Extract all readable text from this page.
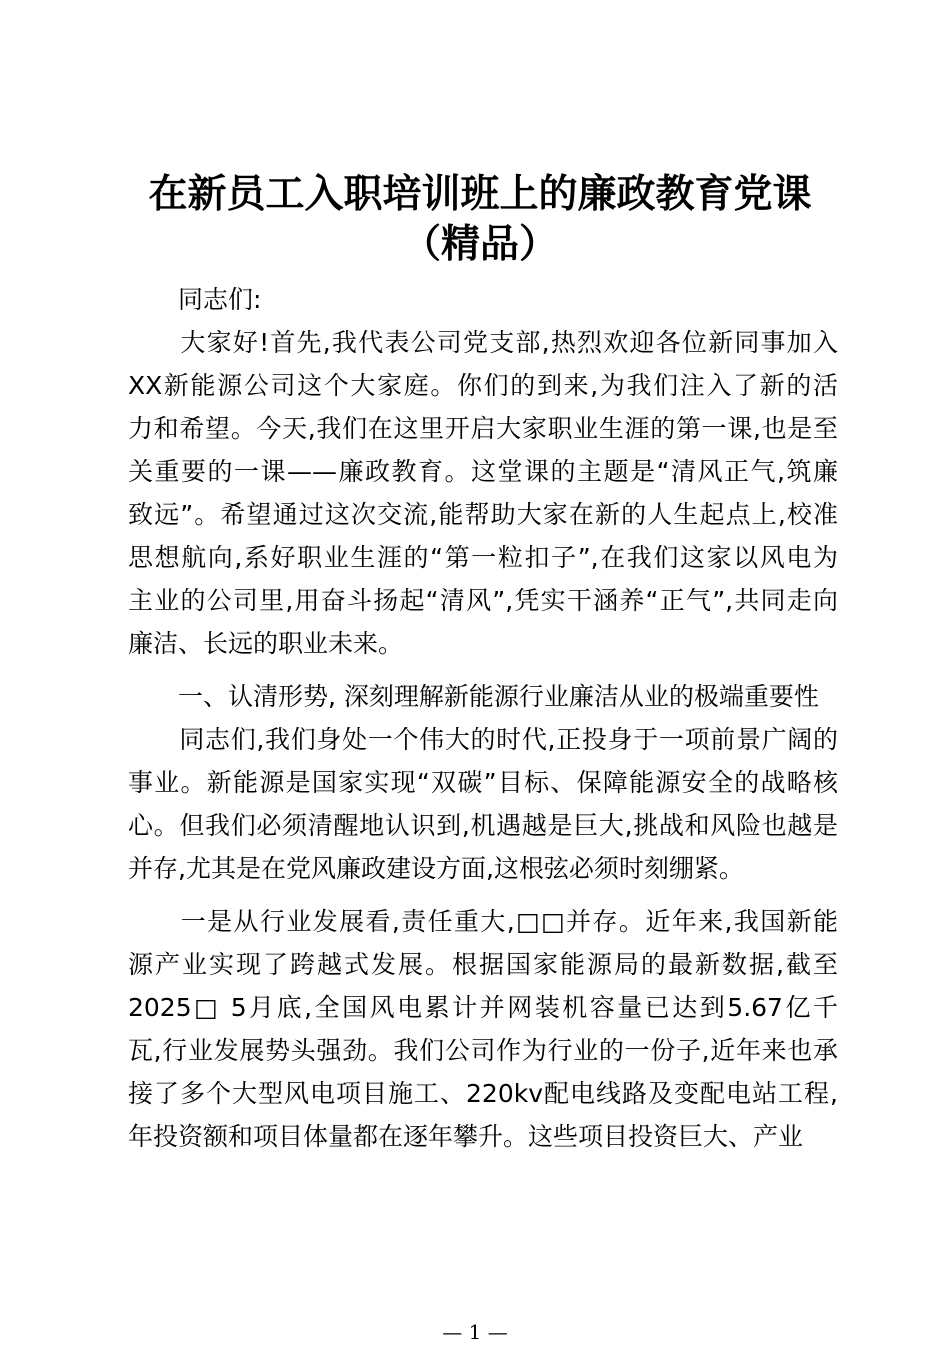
在新员工入职培训班上的廉政教育党课
（精品）
　　同志们:
　　大家好!首先,我代表公司党支部,热烈欢迎各位新同事加入
XX新能源公司这个大家庭。你们的到来,为我们注入了新的活
力和希望。今天,我们在这里开启大家职业生涯的第一课,也是至
关重要的一课——廉政教育。这堂课的主题是“清风正气,筑廉
致远”。希望通过这次交流,能帮助大家在新的人生起点上,校准
思想航向,系好职业生涯的“第一粒扣子”,在我们这家以风电为
主业的公司里,用奋斗扬起“清风”,凭实干涵养“正气”,共同走向
廉洁、长远的职业未来。
　　一、认清形势, 深刻理解新能源行业廉洁从业的极端重要性
　　同志们,我们身处一个伟大的时代,正投身于一项前景广阔的
事业。新能源是国家实现“双碳”目标、保障能源安全的战略核
心。但我们必须清醒地认识到,机遇越是巨大,挑战和风险也越是
并存,尤其是在党风廉政建设方面,这根弦必须时刻绷紧。
　　一是从行业发展看,责任重大,□□并存。近年来,我国新能
源产业实现了跨越式发展。根据国家能源局的最新数据,截至
2025□ 5月底,全国风电累计并网装机容量已达到5.67亿千
瓦,行业发展势头强劲。我们公司作为行业的一份子,近年来也承
接了多个大型风电项目施工、220kv配电线路及变配电站工程,
年投资额和项目体量都在逐年攀升。这些项目投资巨大、产业
— 1 —
